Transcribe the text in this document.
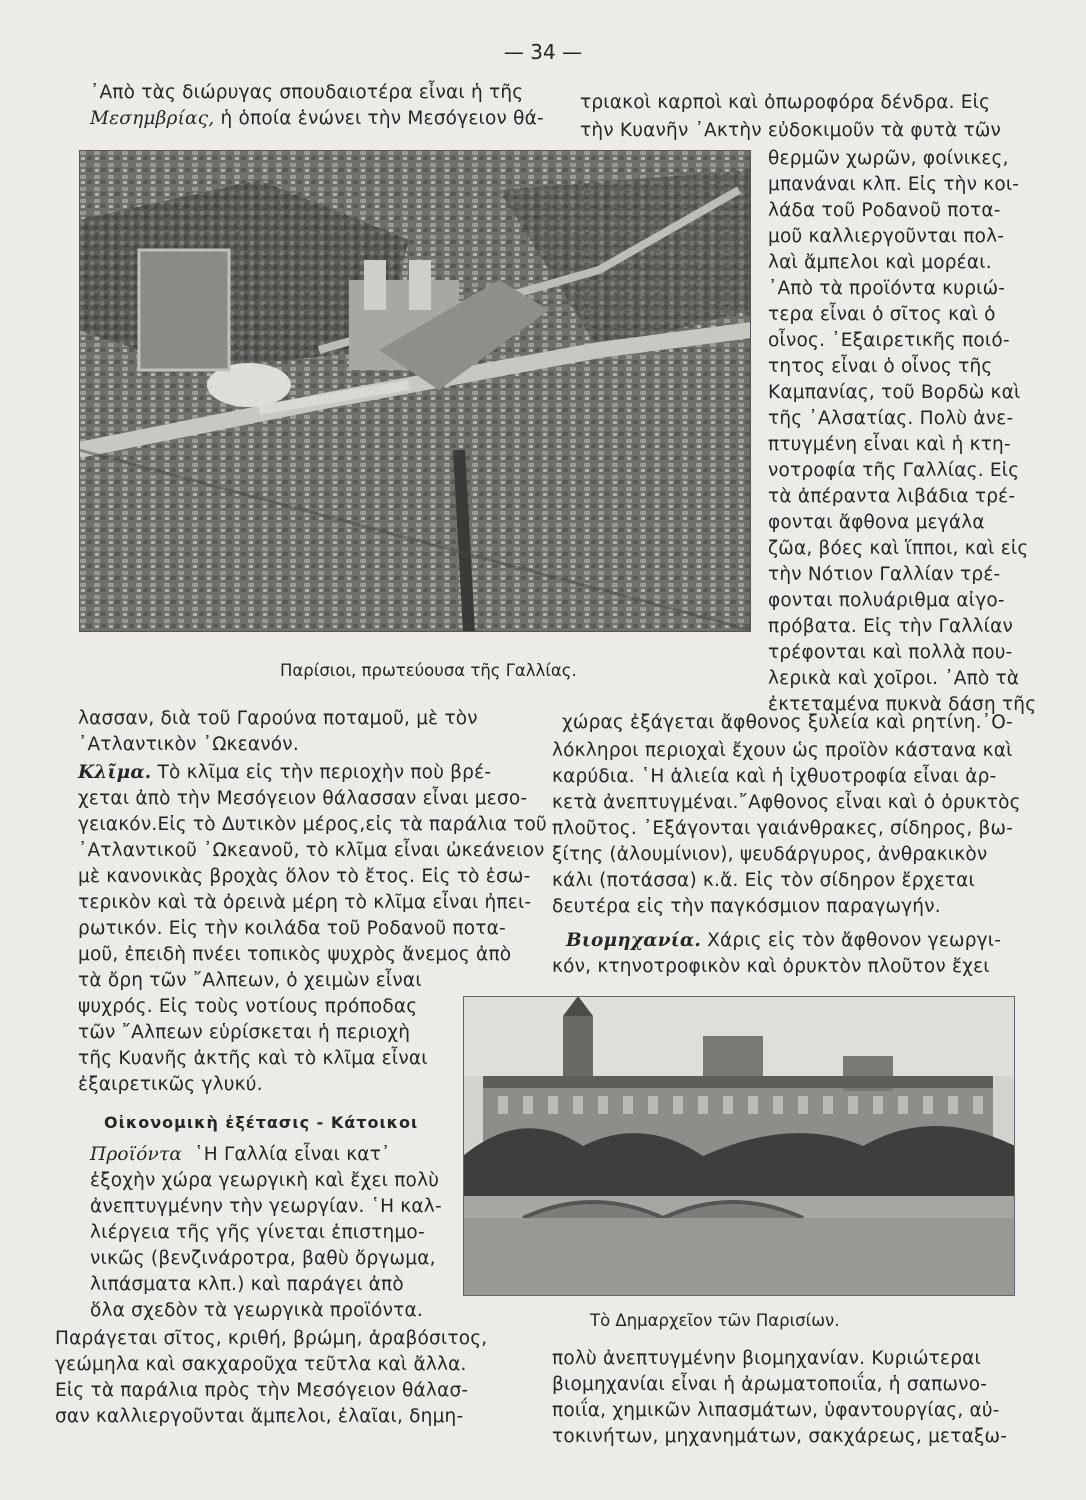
— 34 —
᾿Απὸ τὰς διώρυγας σπουδαιοτέρα εἶναι ἡ τῆς
Μεσημβρίας, ἡ ὁποία ἑνώνει τὴν Μεσόγειον θά-
Παρίσιοι, πρωτεύουσα τῆς Γαλλίας.
τριακοὶ καρποὶ καὶ ὀπωροφόρα δένδρα. Εἰς
τὴν Κυανῆν ᾿Ακτὴν εὐδοκιμοῦν τὰ φυτὰ τῶν
θερμῶν χωρῶν, φοίνικες,
μπανάναι κλπ. Εἰς τὴν κοι-
λάδα τοῦ Ροδανοῦ ποτα-
μοῦ καλλιεργοῦνται πολ-
λαὶ ἄμπελοι καὶ μορέαι.
᾿Απὸ τὰ προϊόντα κυριώ-
τερα εἶναι ὁ σῖτος καὶ ὁ
οἶνος. ᾿Εξαιρετικῆς ποιό-
τητος εἶναι ὁ οἶνος τῆς
Καμπανίας, τοῦ Βορδὼ καὶ
τῆς ᾿Αλσατίας. Πολὺ ἀνε-
πτυγμένη εἶναι καὶ ἡ κτη-
νοτροφία τῆς Γαλλίας. Εἰς
τὰ ἀπέραντα λιβάδια τρέ-
φονται ἄφθονα μεγάλα
ζῶα, βόες καὶ ἵπποι, καὶ εἰς
τὴν Νότιον Γαλλίαν τρέ-
φονται πολυάριθμα αἰγο-
πρόβατα. Εἰς τὴν Γαλλίαν
τρέφονται καὶ πολλὰ που-
λερικὰ καὶ χοῖροι. ᾿Απὸ τὰ
ἐκτεταμένα πυκνὰ δάση τῆς
λασσαν, διὰ τοῦ Γαρούνα ποταμοῦ, μὲ τὸν
᾿Ατλαντικὸν ᾿Ωκεανόν.
Κλῖμα. Τὸ κλῖμα εἰς τὴν περιοχὴν ποὺ βρέ-
χεται ἀπὸ τὴν Μεσόγειον θάλασσαν εἶναι μεσο-
γειακόν.Εἰς τὸ Δυτικὸν μέρος,εἰς τὰ παράλια τοῦ
᾿Ατλαντικοῦ ᾿Ωκεανοῦ, τὸ κλῖμα εἶναι ὠκεάνειον
μὲ κανονικὰς βροχὰς ὅλον τὸ ἔτος. Εἰς τὸ ἐσω-
τερικὸν καὶ τὰ ὀρεινὰ μέρη τὸ κλῖμα εἶναι ἠπει-
ρωτικόν. Εἰς τὴν κοιλάδα τοῦ Ροδανοῦ ποτα-
μοῦ, ἐπειδὴ πνέει τοπικὸς ψυχρὸς ἄνεμος ἀπὸ
τὰ ὄρη τῶν ῎Αλπεων, ὁ χειμὼν εἶναι
ψυχρός. Εἰς τοὺς νοτίους πρόποδας
τῶν ῎Αλπεων εὑρίσκεται ἡ περιοχὴ
τῆς Κυανῆς ἀκτῆς καὶ τὸ κλῖμα εἶναι
ἐξαιρετικῶς γλυκύ.
Οἰκονομικὴ ἐξέτασις - Κάτοικοι
Προϊόντα ῾Η Γαλλία εἶναι κατ᾿
ἐξοχὴν χώρα γεωργικὴ καὶ ἔχει πολὺ
ἀνεπτυγμένην τὴν γεωργίαν. ῾Η καλ-
λιέργεια τῆς γῆς γίνεται ἐπιστημο-
νικῶς (βενζινάροτρα, βαθὺ ὄργωμα,
λιπάσματα κλπ.) καὶ παράγει ἀπὸ
ὅλα σχεδὸν τὰ γεωργικὰ προϊόντα.
Παράγεται σῖτος, κριθή, βρώμη, ἀραβόσιτος,
γεώμηλα καὶ σακχαροῦχα τεῦτλα καὶ ἄλλα.
Εἰς τὰ παράλια πρὸς τὴν Μεσόγειον θάλασ-
σαν καλλιεργοῦνται ἄμπελοι, ἐλαῖαι, δημη-
χώρας ἐξάγεται ἄφθονος ξυλεία καὶ ρητίνη.᾿Ο-
λόκληροι περιοχαὶ ἔχουν ὡς προϊὸν κάστανα καὶ
καρύδια. ῾Η ἁλιεία καὶ ἡ ἰχθυοτροφία εἶναι ἀρ-
κετὰ ἀνεπτυγμέναι.῎Αφθονος εἶναι καὶ ὁ ὀρυκτὸς
πλοῦτος. ᾿Εξάγονται γαιάνθρακες, σίδηρος, βω-
ξίτης (ἀλουμίνιον), ψευδάργυρος, ἀνθρακικὸν
κάλι (ποτάσσα) κ.ἄ. Εἰς τὸν σίδηρον ἔρχεται
δευτέρα εἰς τὴν παγκόσμιον παραγωγήν.
Βιομηχανία. Χάρις εἰς τὸν ἄφθονον γεωργι-
κόν, κτηνοτροφικὸν καὶ ὀρυκτὸν πλοῦτον ἔχει
Τὸ Δημαρχεῖον τῶν Παρισίων.
πολὺ ἀνεπτυγμένην βιομηχανίαν. Κυριώτεραι
βιομηχανίαι εἶναι ἡ ἀρωματοποιΐα, ἡ σαπωνο-
ποιΐα, χημικῶν λιπασμάτων, ὑφαντουργίας, αὐ-
τοκινήτων, μηχανημάτων, σακχάρεως, μεταξω-
